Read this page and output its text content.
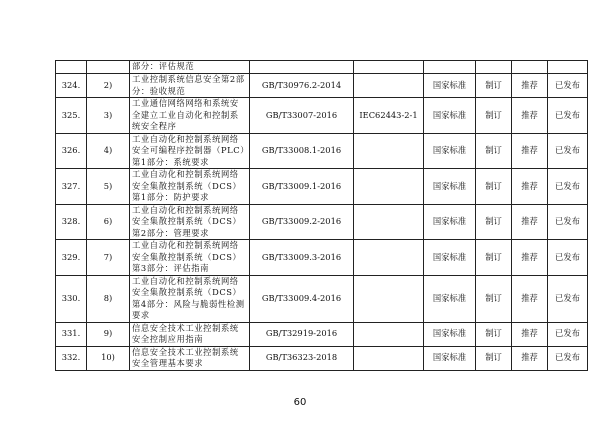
		部分：评估规范						
324.	2)	工业控制系统信息安全第2部分：验收规范	GB/T30976.2-2014		国家标准	制订	推荐	已发布
325.	3)	工业通信网络网络和系统安全建立工业自动化和控制系统安全程序	GB/T33007-2016	IEC62443-2-1	国家标准	制订	推荐	已发布
326.	4)	工业自动化和控制系统网络安全可编程序控制器（PLC）第1部分：系统要求	GB/T33008.1-2016		国家标准	制订	推荐	已发布
327.	5)	工业自动化和控制系统网络安全集散控制系统（DCS）第1部分：防护要求	GB/T33009.1-2016		国家标准	制订	推荐	已发布
328.	6)	工业自动化和控制系统网络安全集散控制系统（DCS）第2部分：管理要求	GB/T33009.2-2016		国家标准	制订	推荐	已发布
329.	7)	工业自动化和控制系统网络安全集散控制系统（DCS）第3部分：评估指南	GB/T33009.3-2016		国家标准	制订	推荐	已发布
330.	8)	工业自动化和控制系统网络安全集散控制系统（DCS）第4部分：风险与脆弱性检测要求	GB/T33009.4-2016		国家标准	制订	推荐	已发布
331.	9)	信息安全技术工业控制系统安全控制应用指南	GB/T32919-2016		国家标准	制订	推荐	已发布
332.	10)	信息安全技术工业控制系统安全管理基本要求	GB/T36323-2018		国家标准	制订	推荐	已发布
60
